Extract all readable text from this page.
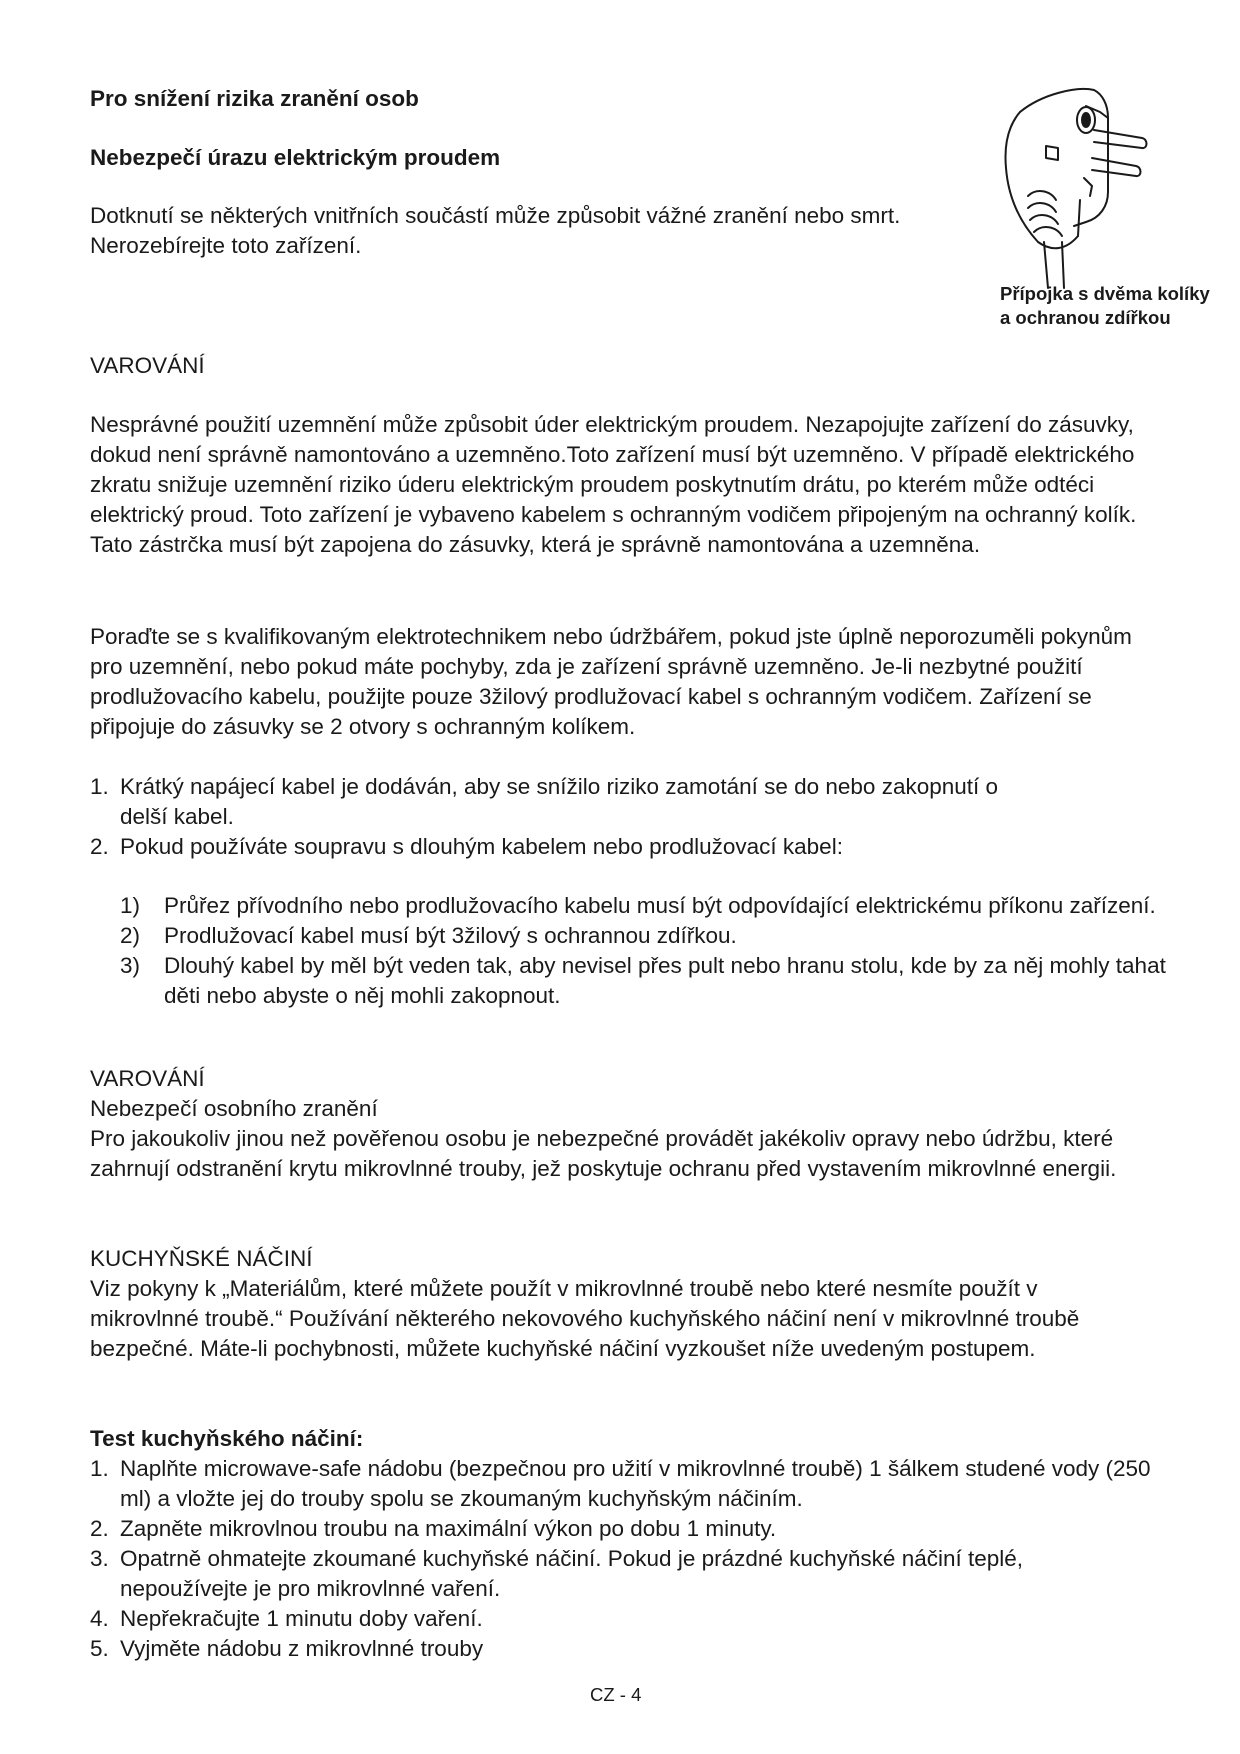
Pro snížení rizika zranění osob
Nebezpečí úrazu elektrickým proudem

Dotknutí se některých vnitřních součástí může způsobit vážné zranění nebo smrt. Nerozebírejte toto zařízení.

Přípojka s dvěma kolíky
a ochranou zdířkou
VAROVÁNÍ

Nesprávné použití uzemnění může způsobit úder elektrickým proudem. Nezapojujte zařízení do zásuvky, dokud není správně namontováno a uzemněno.Toto zařízení musí být uzemněno. V případě elektrického zkratu snižuje uzemnění riziko úderu elektrickým proudem poskytnutím drátu, po kterém může odtéci elektrický proud. Toto zařízení je vybaveno kabelem s ochranným vodičem připojeným na ochranný kolík. Tato zástrčka musí být zapojena do zásuvky, která je správně namontována a uzemněna.

Poraďte se s kvalifikovaným elektrotechnikem nebo údržbářem, pokud jste úplně neporozuměli pokynům pro uzemnění, nebo pokud máte pochyby, zda je zařízení správně uzemněno. Je-li nezbytné použití prodlužovacího kabelu, použijte pouze 3žilový prodlužovací kabel s ochranným vodičem. Zařízení se připojuje do zásuvky se 2 otvory s ochranným kolíkem.

1. Krátký napájecí kabel je dodáván, aby se snížilo riziko zamotání se do nebo zakopnutí o delší kabel.
2. Pokud používáte soupravu s dlouhým kabelem nebo prodlužovací kabel:
1) Průřez přívodního nebo prodlužovacího kabelu musí být odpovídající elektrickému příkonu zařízení.
2) Prodlužovací kabel musí být 3žilový s ochrannou zdířkou.
3) Dlouhý kabel by měl být veden tak, aby nevisel přes pult nebo hranu stolu, kde by za něj mohly tahat děti nebo abyste o něj mohli zakopnout.
VAROVÁNÍ
Nebezpečí osobního zranění

Pro jakoukoliv jinou než pověřenou osobu je nebezpečné provádět jakékoliv opravy nebo údržbu, které zahrnují odstranění krytu mikrovlnné trouby, jež poskytuje ochranu před vystavením mikrovlnné energii.

KUCHYŇSKÉ NÁČINÍ

Viz pokyny k „Materiálům, které můžete použít v mikrovlnné troubě nebo které nesmíte použít v mikrovlnné troubě.“ Používání některého nekovového kuchyňského náčiní není v mikrovlnné troubě bezpečné. Máte-li pochybnosti, můžete kuchyňské náčiní vyzkoušet níže uvedeným postupem.

Test kuchyňského náčiní:
1. Naplňte microwave-safe nádobu (bezpečnou pro užití v mikrovlnné troubě) 1 šálkem studené vody (250 ml) a vložte jej do trouby spolu se zkoumaným kuchyňským náčiním.
2. Zapněte mikrovlnou troubu na maximální výkon po dobu 1 minuty.
3. Opatrně ohmatejte zkoumané kuchyňské náčiní. Pokud je prázdné kuchyňské náčiní teplé, nepoužívejte je pro mikrovlnné vaření.
4. Nepřekračujte 1 minutu doby vaření.
5. Vyjměte nádobu z mikrovlnné trouby
CZ - 4
